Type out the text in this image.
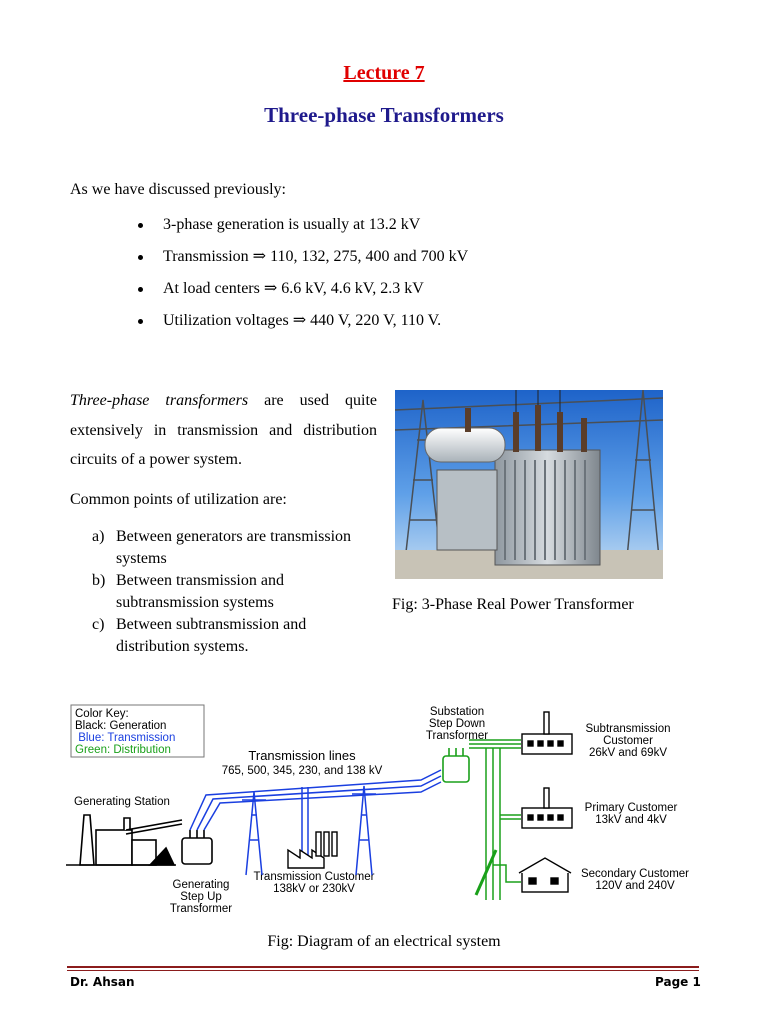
Lecture 7
Three-phase Transformers
As we have discussed previously:
3-phase generation is usually at 13.2 kV
Transmission ⇒ 110, 132, 275, 400 and 700 kV
At load centers ⇒ 6.6 kV, 4.6 kV, 2.3 kV
Utilization voltages ⇒ 440 V, 220 V, 110 V.
Three-phase transformers are used quite extensively in transmission and distribution circuits of a power system.
Common points of utilization are:
a) Between generators are transmission systems
b) Between transmission and subtransmission systems
c) Between subtransmission and distribution systems.
Fig: 3-Phase Real Power Transformer
Color Key:
Black: Generation
Blue: Transmission
Green: Distribution
Substation
Step Down
Transformer
Transmission lines
765, 500, 345, 230, and 138 kV
Generating Station
Generating
Step Up
Transformer
Transmission Customer
138kV or 230kV
Subtransmission
Customer
26kV and 69kV
Primary Customer
13kV and 4kV
Secondary Customer
120V and 240V
Fig: Diagram of an electrical system
Dr. Ahsan	Page 1
